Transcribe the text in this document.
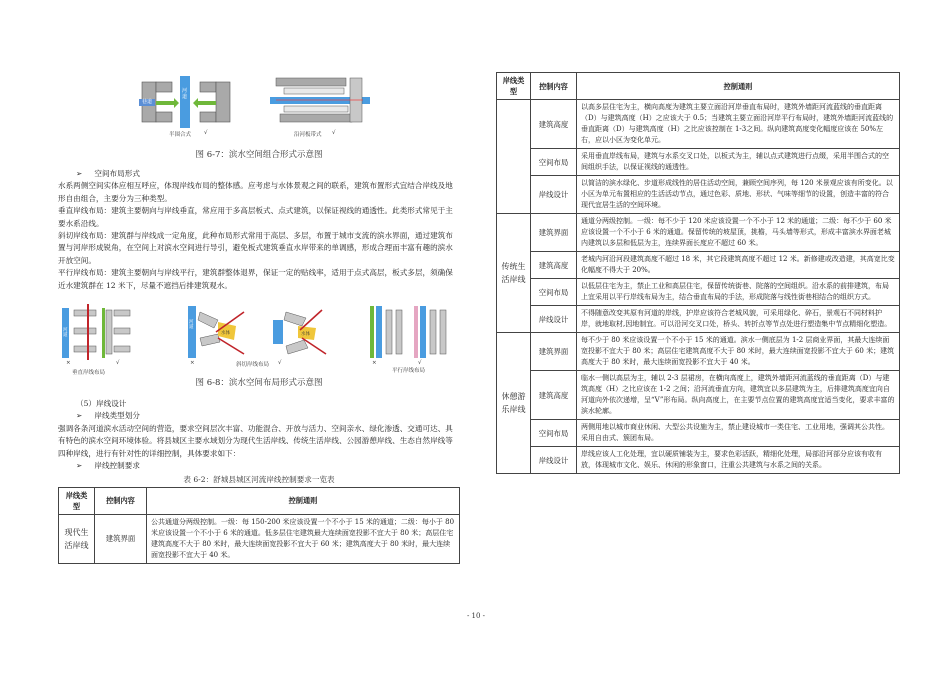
巷道
河道
半围合式 √	沿河板带式 √
图 6-7：滨水空间组合形式示意图
➢ 空间布局形式
水系两侧空间实体应相互呼应，体现岸线布局的整体感。应考虑与水体景观之间的联系，建筑布置形式宜结合岸线及地形自由组合，主要分为三种类型。
垂直岸线布局：建筑主要朝向与岸线垂直，常应用于多高层板式、点式建筑，以保证视线的通透性。此类形式常见于主要水系沿线。
斜切岸线布局：建筑群与岸线成一定角度，此种布局形式常用于高层、多层，布置于城市支流的滨水界面，通过建筑布置与河岸形成锐角，在空间上对滨水空间进行导引，避免板式建筑垂直水岸带来的单调感，形成合理而丰富有趣的滨水开放空间。
平行岸线布局：建筑主要朝向与岸线平行，建筑群整体退界，保证一定的贴线率，适用于点式高层，板式多层，须确保近水建筑群在 12 米下，尽量不遮挡后排建筑观水。
河道
河道
水体	水体
×	√
垂直岸线布局
×	√
斜切岸线布局	×	√
平行岸线布局
图 6-8：滨水空间布局形式示意图
（5）岸线设计
➢ 岸线类型划分
强调各条河道滨水活动空间的营造，要求空间层次丰富、功能混合、开放与活力、空间亲水、绿化渗透、交通可达、具有特色的滨水空间环境体验。将县城区主要水域划分为现代生活岸线、传统生活岸线、公园游憩岸线、生态自然岸线等四种岸线，进行有针对性的详细控制，具体要求如下：
➢ 岸线控制要求
表 6-2：舒城县城区河流岸线控制要求一览表
岸线类型	控制内容	控制通则
现代生活岸线	建筑界面	公共通道分两级控制。一级：每 150-200 米应该设置一个不小于 15 米的通道；二级：每小于 80 米应该设置一个不小于 6 米的通道。低多层住宅建筑最大连续面宽投影不宜大于 80 米；高层住宅建筑高度不大于 80 米时，最大连续面宽投影不宜大于 60 米；建筑高度大于 80 米时，最大连续面宽投影不宜大于 40 米。
岸线类型	控制内容	控制通则
	建筑高度	以高多层住宅为主，横向高度为建筑主要立面沿河岸垂直布局时，建筑外墙距河流蓝线的垂直距离（D）与建筑高度（H）之应该大于 0.5；当建筑主要立面沿河岸平行布局时，建筑外墙距河流蓝线的垂直距离（D）与建筑高度（H）之比应该控制在 1-3之间。纵向建筑高度变化幅度应该在 50%左右，应以小区为变化单元。
	空间布局	采用垂直岸线布局，建筑与水系交叉口处，以板式为主，辅以点式建筑进行点缀，采用半围合式的空间组织手法，以保证视线的通透性。
	岸线设计	以简洁的滨水绿化、步道形成线性的居住活动空间，兼顾空间序列，每 120 米景观应该有所变化。以小区为单元布置相应的生活活动节点，通过色彩、质地、形状、气味等细节的设置，创造丰富的符合现代宜居生活的空间环境。
传统生活岸线	建筑界面	通道分两级控制。一级：每不少于 120 米应该设置一个不小于 12 米的通道；二级：每不少于 60 米应该设置一个不小于 6 米的通道。保留传统的坡屋顶，挑檐，马头墙等形式，形成丰富滨水界面老城内建筑以多层和低层为主，连续界面长度应不超过 60 米。
	建筑高度	老城内河沿河段建筑高度不超过 18 米，其它段建筑高度不超过 12 米。新修建或改造建，其高宽比变化幅度不得大于 20%。
	空间布局	以低层住宅为主，禁止工业和高层住宅，保留传统街巷、院落的空间组织。沿水系的前排建筑，布局上宜采用以平行岸线布局为主，结合垂直布局的手法，形成院落与线性街巷相结合的组织方式。
	岸线设计	不得随意改变其原有河道的岸线，护岸应该符合老城风貌，可采用绿化、碎石，景观石不同材料护岸，就地取材,因地制宜。可以沿河交叉口处，桥头、转折点等节点处进行塑造集中节点精细化塑造。
休憩游乐岸线	建筑界面	每不少于 80 米应该设置一个不小于 15 米的通道。滨水一侧底层为 1-2 层商业界面，其最大连续面宽投影不宜大于 80 米；高层住宅建筑高度不大于 80 米时，最大连续面宽投影不宜大于 60 米；建筑高度大于 80 米时，最大连续面宽投影不宜大于 40 米。
	建筑高度	临水一侧以高层为主，辅以 2-3 层裙房，在横向高度上，建筑外墙距河流蓝线的垂直距离（D）与建筑高度（H）之比应该在 1-2 之间；沿河流垂直方向，建筑宜以多层建筑为主，后排建筑高度宜向自河道向外依次递增，呈“V”形布局。纵向高度上，在主要节点位置的建筑高度宜适当变化，要求丰富的滨水轮廓。
	空间布局	两侧用地以城市商业休闲、大型公共设施为主，禁止建设城市一类住宅、工业用地，强调其公共性。采用自由式、簇团布局。
	岸线设计	岸线应该人工化处理，宜以硬质铺装为主，要求色彩活跃，精细化处理，局部沿河部分应该有收有放，体现城市文化、娱乐、休闲的形象窗口，注重公共建筑与水系之间的关系。
- 10 -
